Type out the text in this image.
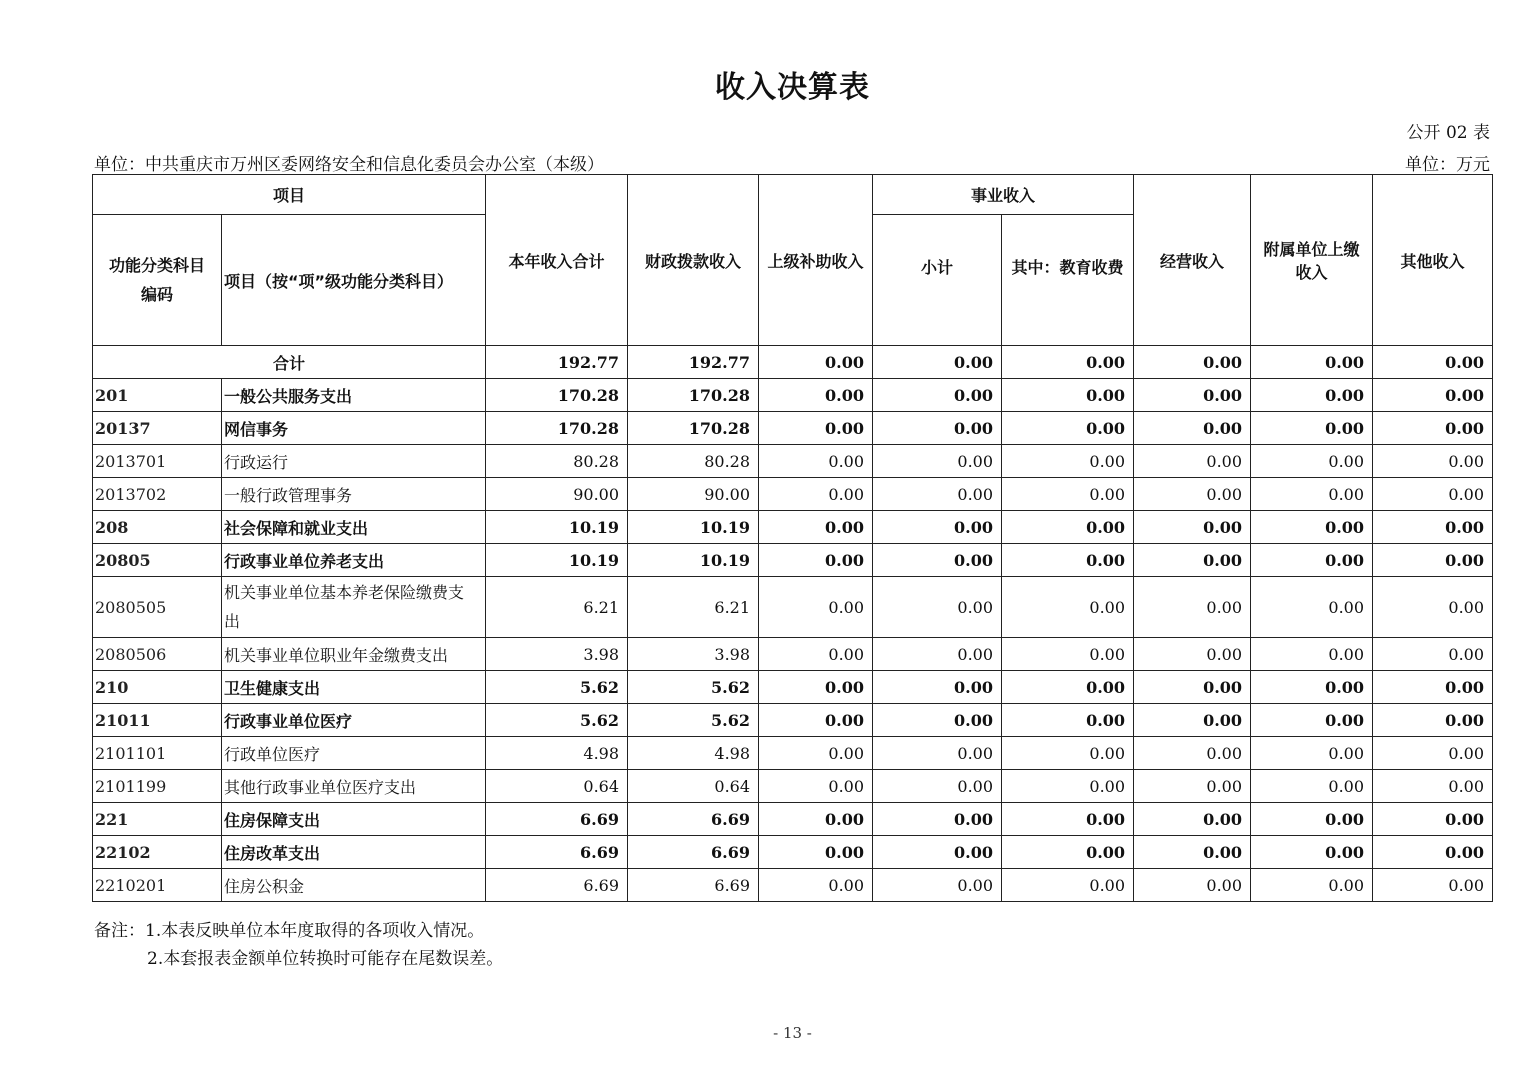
收入决算表
公开 02 表
单位：中共重庆市万州区委网络安全和信息化委员会办公室（本级）	单位：万元
项目		本年收入合计	财政拨款收入	上级补助收入	事业收入		经营收入	附属单位上缴收入	其他收入
功能分类科目编码	项目（按“项”级功能分类科目）				小计	其中：教育收费			
合计		192.77	192.77	0.00	0.00	0.00	0.00	0.00	0.00
201	一般公共服务支出	170.28	170.28	0.00	0.00	0.00	0.00	0.00	0.00
20137	网信事务	170.28	170.28	0.00	0.00	0.00	0.00	0.00	0.00
2013701	行政运行	80.28	80.28	0.00	0.00	0.00	0.00	0.00	0.00
2013702	一般行政管理事务	90.00	90.00	0.00	0.00	0.00	0.00	0.00	0.00
208	社会保障和就业支出	10.19	10.19	0.00	0.00	0.00	0.00	0.00	0.00
20805	行政事业单位养老支出	10.19	10.19	0.00	0.00	0.00	0.00	0.00	0.00
2080505	机关事业单位基本养老保险缴费支出	6.21	6.21	0.00	0.00	0.00	0.00	0.00	0.00
2080506	机关事业单位职业年金缴费支出	3.98	3.98	0.00	0.00	0.00	0.00	0.00	0.00
210	卫生健康支出	5.62	5.62	0.00	0.00	0.00	0.00	0.00	0.00
21011	行政事业单位医疗	5.62	5.62	0.00	0.00	0.00	0.00	0.00	0.00
2101101	行政单位医疗	4.98	4.98	0.00	0.00	0.00	0.00	0.00	0.00
2101199	其他行政事业单位医疗支出	0.64	0.64	0.00	0.00	0.00	0.00	0.00	0.00
221	住房保障支出	6.69	6.69	0.00	0.00	0.00	0.00	0.00	0.00
22102	住房改革支出	6.69	6.69	0.00	0.00	0.00	0.00	0.00	0.00
2210201	住房公积金	6.69	6.69	0.00	0.00	0.00	0.00	0.00	0.00
备注：1.本表反映单位本年度取得的各项收入情况。
2.本套报表金额单位转换时可能存在尾数误差。
- 13 -
